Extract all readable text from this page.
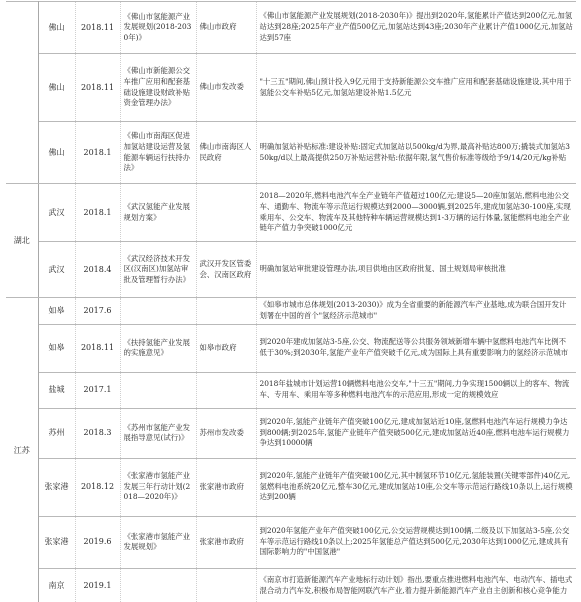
	佛山	2018.11	《佛山市氢能源产业发展规划(2018-2030年)》	佛山市政府	《佛山市氢能源产业发展规划(2018-2030年)》提出到2020年,氢能累计产值达到200亿元,加氢站达到28座;2025年产业产值500亿元,加氢站达到43座;2030年产业累计产值1000亿元,加氢站达到57座
	佛山	2018.11	《佛山市新能源公交车推广应用和配套基础设施建设财政补贴资金管理办法》	佛山市发改委	"十三五"期间,佛山预计投入9亿元用于支持新能源公交车推广应用和配套基础设施建设,其中用于氢能公交车补贴5亿元,加氢站建设补贴1.5亿元
	佛山	2018.1	《佛山市南海区促进加氢站建设运营及氢能源车辆运行扶持办法》	佛山市南海区人民政府	明确加氢站补贴标准:建设补贴:固定式加氢站以500kg/d为界,最高补贴达800万;撬装式加氢站350kg/d以上最高提供250万补贴运营补贴:依据年限,氢气售价标准等级给予9/14/20元/kg补贴
湖北	武汉	2018.1	《武汉氢能产业发展规划方案》		2018—2020年,燃料电池汽车全产业链年产值超过100亿元;建设5—20座加氢站,燃料电池公交车、通勤车、物流车等示范运行规模达到2000—3000辆,到2025年,建成加氢站30-100座,实现乘用车、公交车、物流车及其他特种车辆运营规模达到1-3万辆的运行体量,氢能燃料电池全产业链年产值力争突破1000亿元
	武汉	2018.4	《武汉经济技术开发区(汉南区)加氢站审批及管理暂行办法》	武汉开发区管委会、汉南区政府	明确加氢站审批建设管理办法,项目供地由区政府批复、国土规划局审核批准
江苏	如皋	2017.6			《如皋市城市总体规划(2013-2030)》成为全省重要的新能源汽车产业基地,成为联合国开发计划署在中国的首个"氢经济示范城市"
	如皋	2018.11	《扶持氢能产业发展的实施意见》	如皋市政府	到2020年建成加氢站3-5座,公交、物流配送等公共服务领域新增车辆中氢燃料电池汽车比例不低于30%;到2030年,氢能产业年产值突破千亿元,成为国际上具有重要影响力的氢经济示范城市
	盐城	2017.1			2018年盐城市计划运营10辆燃料电池公交车,"十三五"期间,力争实现1500辆以上的客车、物流车、专用车、乘用车等多种燃料电池汽车的示范应用,形成一定的规模效应
	苏州	2018.3	《苏州市氢能产业发展指导意见(试行)》	苏州市发改委	到2020年,氢能产业链年产值突破100亿元,建成加氢站近10座,氢燃料电池汽车运行规模力争达到800辆;到2025年,氢能产业链年产值突破500亿元,建成加氢站近40座,燃料电池车运行规模力争达到10000辆
	张家港	2018.12	《张家港市氢能产业发展三年行动计划(2018—2020年)》	张家港市政府	到2020年,氢能产业链年产值突破100亿元,其中制氢环节10亿元,氢能装置(关键零部件)40亿元,氢燃料电池系统20亿元,整车30亿元,建成加氢站10座,公交车等示范运行路线10条以上,运行规模达到200辆
	张家港	2019.6	《张家港市氢能产业发展规划》	张家港市政府	到2020年氢能产业年产值突破100亿元,公交运营规模达到100辆,二级及以下加氢站3-5座,公交车等示范运行路线10条以上;2025年氢能总产值达到500亿元,2030年达到1000亿元,建成具有国际影响力的"中国氢港"
	南京	2019.1			《南京市打造新能源汽车产业地标行动计划》指出,要重点推进燃料电池汽车、电动汽车、插电式混合动力汽车发,积极布局智能网联汽车产业,着力提升新能源汽车产业自主创新和核心竞争能力
